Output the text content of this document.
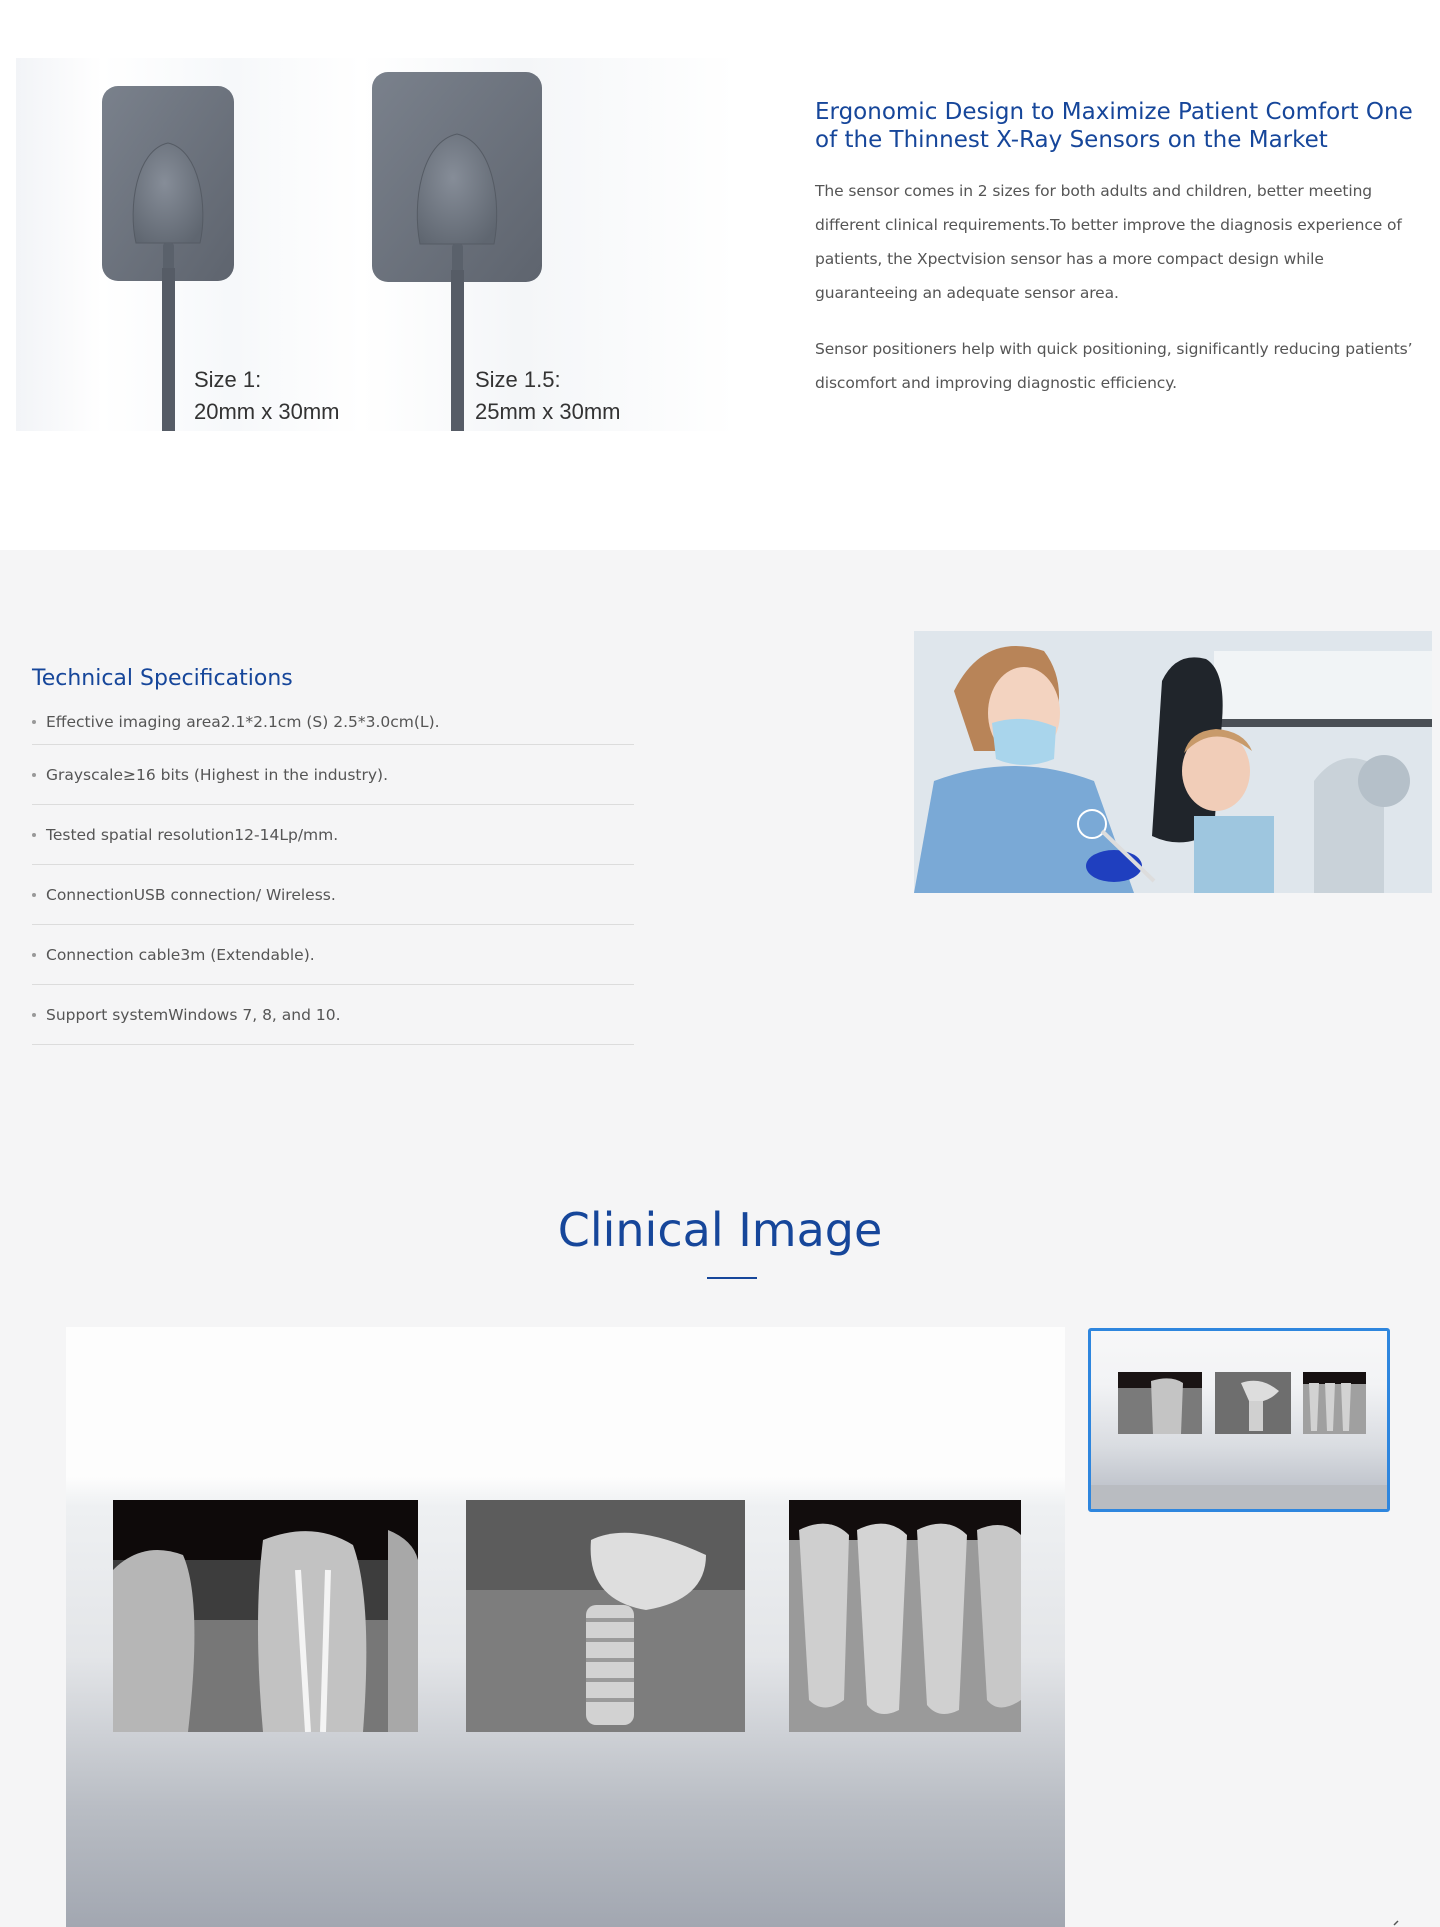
Size 1:
20mm x 30mm
Size 1.5:
25mm x 30mm
Ergonomic Design to Maximize Patient Comfort One of the Thinnest X-Ray Sensors on the Market

The sensor comes in 2 sizes for both adults and children, better meeting different clinical requirements.To better improve the diagnosis experience of patients, the Xpectvision sensor has a more compact design while guaranteeing an adequate sensor area.

Sensor positioners help with quick positioning, significantly reducing patients’ discomfort and improving diagnostic efficiency.

Technical Specifications
Effective imaging area2.1*2.1cm (S) 2.5*3.0cm(L).
Grayscale≥16 bits (Highest in the industry).
Tested spatial resolution12-14Lp/mm.
ConnectionUSB connection/ Wireless.
Connection cable3m (Extendable).
Support systemWindows 7, 8, and 10.
Clinical Image
